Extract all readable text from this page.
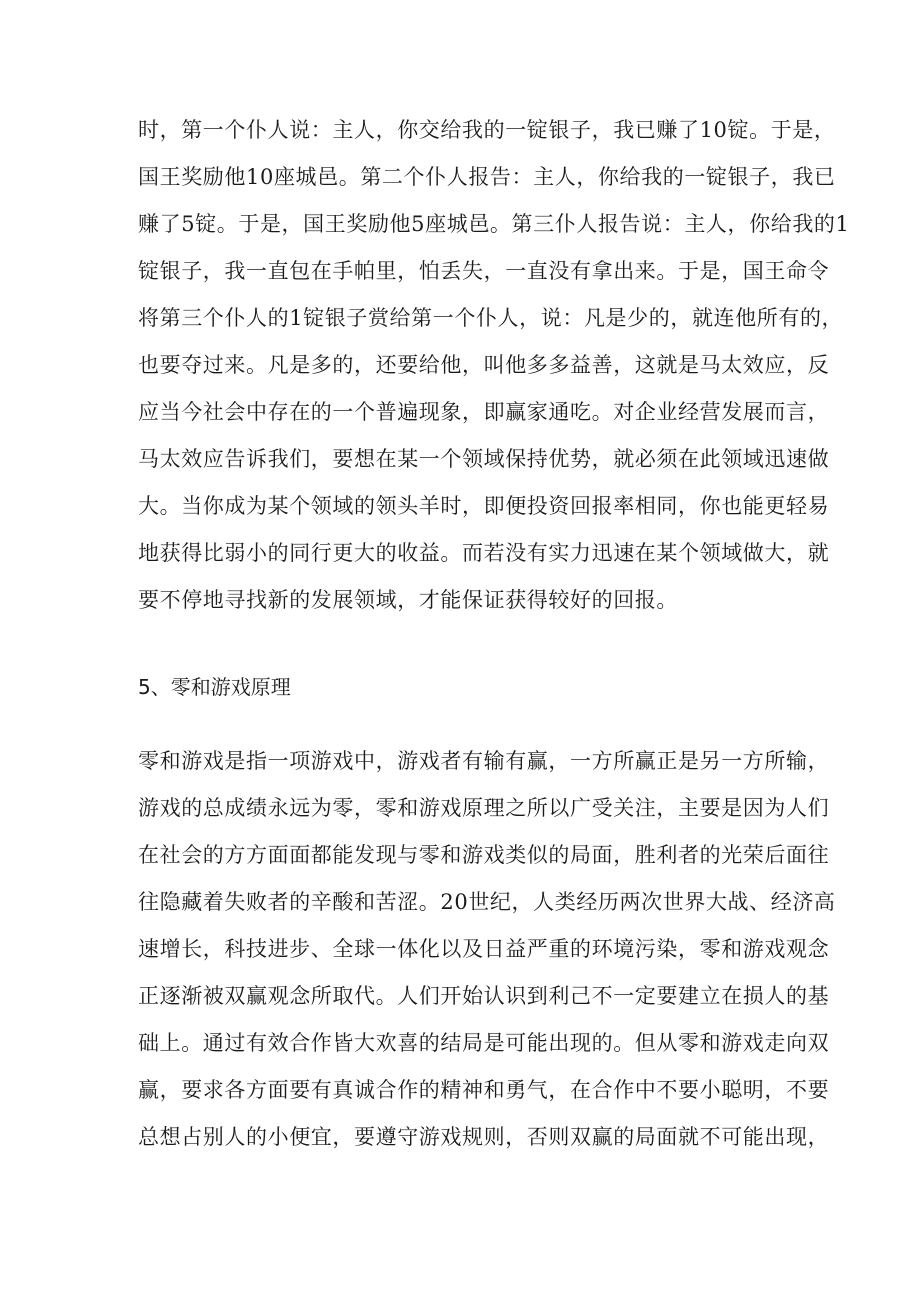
时，第一个仆人说：主人，你交给我的一锭银子，我已赚了10锭。于是，
国王奖励他10座城邑。第二个仆人报告：主人，你给我的一锭银子，我已
赚了5锭。于是，国王奖励他5座城邑。第三仆人报告说：主人，你给我的1
锭银子，我一直包在手帕里，怕丢失，一直没有拿出来。于是，国王命令
将第三个仆人的1锭银子赏给第一个仆人，说：凡是少的，就连他所有的，
也要夺过来。凡是多的，还要给他，叫他多多益善，这就是马太效应，反
应当今社会中存在的一个普遍现象，即赢家通吃。对企业经营发展而言，
马太效应告诉我们，要想在某一个领域保持优势，就必须在此领域迅速做
大。当你成为某个领域的领头羊时，即便投资回报率相同，你也能更轻易
地获得比弱小的同行更大的收益。而若没有实力迅速在某个领域做大，就
要不停地寻找新的发展领域，才能保证获得较好的回报。
5、零和游戏原理
零和游戏是指一项游戏中，游戏者有输有赢，一方所赢正是另一方所输，
游戏的总成绩永远为零，零和游戏原理之所以广受关注，主要是因为人们
在社会的方方面面都能发现与零和游戏类似的局面，胜利者的光荣后面往
往隐藏着失败者的辛酸和苦涩。20世纪，人类经历两次世界大战、经济高
速增长，科技进步、全球一体化以及日益严重的环境污染，零和游戏观念
正逐渐被双赢观念所取代。人们开始认识到利己不一定要建立在损人的基
础上。通过有效合作皆大欢喜的结局是可能出现的。但从零和游戏走向双
赢，要求各方面要有真诚合作的精神和勇气，在合作中不要小聪明，不要
总想占别人的小便宜，要遵守游戏规则，否则双赢的局面就不可能出现，
